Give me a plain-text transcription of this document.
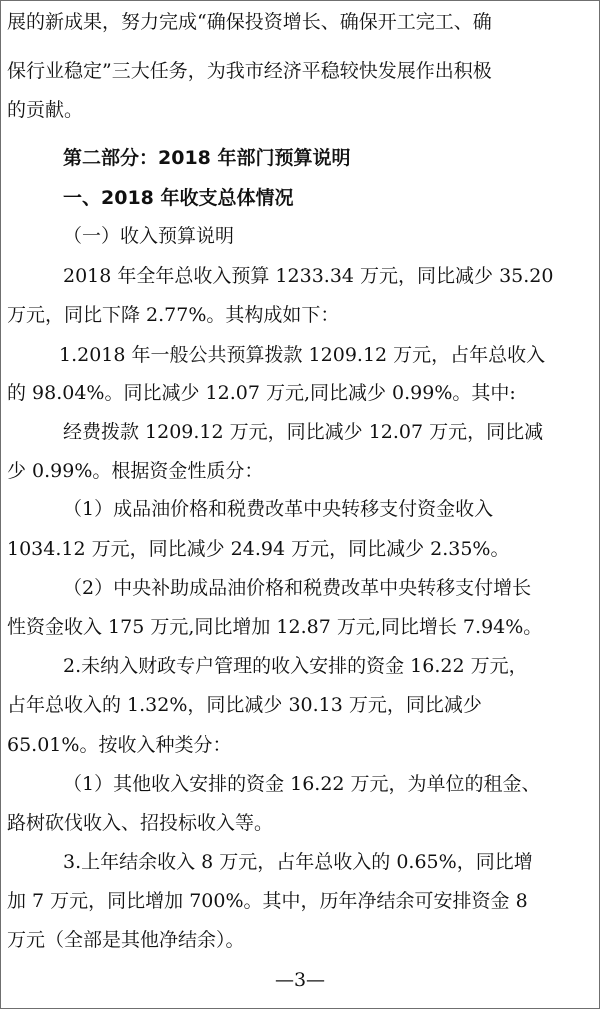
展的新成果，努力完成“确保投资增长、确保开工完工、确

保行业稳定”三大任务，为我市经济平稳较快发展作出积极

的贡献。

第二部分：2018 年部门预算说明

一、2018 年收支总体情况

（一）收入预算说明

2018 年全年总收入预算 1233.34 万元，同比减少 35.20

万元，同比下降 2.77%。其构成如下：

1.2018 年一般公共预算拨款 1209.12 万元，占年总收入

的 98.04%。同比减少 12.07 万元,同比减少 0.99%。其中:

经费拨款 1209.12 万元，同比减少 12.07 万元，同比减

少 0.99%。根据资金性质分：

（1）成品油价格和税费改革中央转移支付资金收入

1034.12 万元，同比减少 24.94 万元，同比减少 2.35%。

（2）中央补助成品油价格和税费改革中央转移支付增长

性资金收入 175 万元,同比增加 12.87 万元,同比增长 7.94%。

2.未纳入财政专户管理的收入安排的资金 16.22 万元，

占年总收入的 1.32%，同比减少 30.13 万元，同比减少

65.01%。按收入种类分：

（1）其他收入安排的资金 16.22 万元，为单位的租金、

路树砍伐收入、招投标收入等。

3.上年结余收入 8 万元，占年总收入的 0.65%，同比增

加 7 万元，同比增加 700%。其中，历年净结余可安排资金 8

万元（全部是其他净结余）。

—3—
